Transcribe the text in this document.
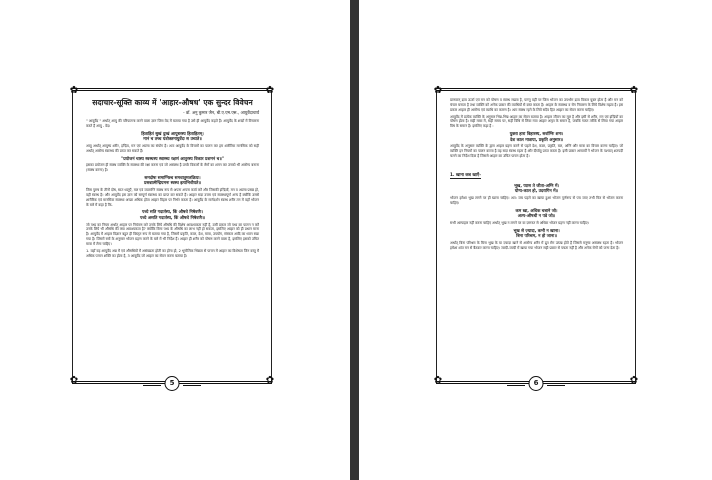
✿	✿
✿	✿
सदाचार-सूक्ति काव्य में 'आहार-औषध' एक सुन्दर विवेचन
- डॉ. अनु कुमार जैन, बी.ए.एम.एस., आयुर्वेदाचार्य

" आयुर्वेद " अर्थात् आयु की परिपालना करने वाला ज्ञान जिस वेद में बताया गया है उसे ही आयुर्वेद कहते हैं। आयुर्वेद के शब्दों में विचारना करते हैं आयु - वेद।

हिताहितं सुखं दुःखं आयुस्तस्य हिताहितम्।
मानं च तच्च यत्रोक्तमायुर्वेदः स उच्यते॥

आयु अर्थात् आयुष्य शरीर, इन्द्रिय, मन एवं आत्मा का संयोग है। अतः आयुर्वेद के विचारों का पालन कर हम शारीरिक मानसिक को सही अर्थात् आरोग्य स्वास्थ्य की प्राप्त कर सकते हैं।

"प्रयोजनं चास्य स्वस्थस्य स्वास्थ्य रक्षणं आतुरस्य विकार प्रशमनं च॥"

इसका प्रयोजन ही स्वस्थ व्यक्ति के स्वास्थ्य की रक्षा करना एवं जो अस्वस्थ है उनके विकारों के रोगों का शमन कर उनको भी आरोग्य बनाना (स्वस्थ करना) है।

समदोषः समाग्निश्च समधातुमलक्रियः।
प्रसन्नात्मेन्द्रियमनः स्वस्थ इत्यभिधीयते॥

जिस पुरुष के तीनों दोष, सात धातुएँ, मल एवं जठराग्नि स्वस्थ रूप से अपना अपना कार्य करें और जिसकी इन्द्रियाँ, मन व आत्मा प्रसन्न हो, वही स्वस्थ है। और आयुर्वेद इस ज्ञान को सम्पूर्ण स्वास्थ्य का प्राप्त कर सकते हैं। आहार सदा उत्तम एवं स्वास्थ्यपूर्ण अन्य है क्योंकि उससे शारीरिक एवं मानसिक स्वास्थ्य अच्छा अधिक होता आहार विहार पर निर्भर करता है। आयुर्वेद के मार्गदर्शन स्वस्थ शरीर तन में वहाँ भोजन के बारे में कहा है कि-

पथ्ये सति गदार्तस्य, किं औषधे निषेवणैः।
पथ्ये असति गदार्तस्य, किं औषधे निषेवणैः॥

जो पथ्य का नियम अर्थात् आहार पर नियंत्रण करे उनके लिये औषधि की विशेष आवश्यकता नहीं है, उसी प्रकार जो पथ्य का पालन न करें उनके लिये भी औषधि की क्या आवश्यकता है? क्योंकि बिना पथ्य के औषधि का लाभ नहीं हो सकता, इसलिए आहार को ही प्रधान माना है। आयुर्वेद में आहार विज्ञान बहुत ही विस्तृत रूप से बताया गया है, जिसमें प्रकृति, काल, देश, मात्रा, उपयोग, संस्कार आदि का ध्यान रखा गया है। जिसमें रसों के अनुसार भोजन ग्रहण करने के बारे में भी निर्देश हैं। आहार ही शरीर को पोषण करने वाला है, इसलिए इसको उचित मात्रा में लेना चाहिए।

1. यहाँ यह आयुर्वेद अन्न में एवं औषधियों में असंख्यता होती का होना हो, 2 भूगोलिक भिन्नता से पाचन में आहार का विशेषता जिन वस्तु में अधिक पाचन शक्ति का होता है, 3 आयुर्वेद जो आहार का सेवन करना बताया है।

5
✿	✿
✿	✿

प्राणवान् द्रव्य ऊर्जा एवं मन को पोषण व स्वस्थ रखता है, परन्तु वहीं पर जिस भोजन का उपभोग द्रव्य विकार युक्त होता है और मन को चंचल बनाता है तथा व्यक्ति को अनेक प्रकार की व्याधियों से ग्रस्त करता है। आहार के स्वास्थ्य व रोग निवारण के लिये विशेष महत्व है। इस प्रकार आहार ही आरोग्य एवं व्याधि का कारण है। अतः स्वस्थ रहने के लिये सदैव हित आहार का सेवन करना चाहिए।

आयुर्वेद में प्रत्येक व्यक्ति के अनुसार भिन्न-भिन्न आहार का सेवन बताया है। आहार जीवन का मूल है और इसी से शरीर, मन एवं इन्द्रियों का पोषण होता है। सही मात्रा में, सही समय पर, सही विधि से लिया गया आहार अमृत के समान है, जबकि गलत तरीके से लिया गया आहार विष के समान है। इसलिए कहा है :

युक्ता हारा विहारस्य, सर्वाग्निः शमः।
देश काल मात्राया, प्रकृति अनुसार॥

आयुर्वेद के अनुसार व्यक्ति के द्वारा आहार ग्रहण करने से पहले देश, काल, प्रकृति, बल, अग्नि और मात्रा का विचार करना चाहिए। जो व्यक्ति इन नियमों का पालन करता है वह सदा स्वस्थ रहता है और दीर्घायु प्राप्त करता है। इसी प्रकार आचार्यों ने भोजन के पश्चात् शतपदी चलने का निर्देश दिया है जिससे आहार का उचित पाचन होता है।

1. खाना कब खाएँ-
भूख, प्यास ते जीता-अग्नि में।
योग्य-काल हो, उदरागिन में॥

भोजन हमेशा भूख लगने पर ही खाना चाहिए। अत: जब पहले का खाया हुआ भोजन पूर्णरूप से पच जाए तभी फिर से भोजन करना चाहिए।

कम खा, अधिक चबाने जो।
अल्प-औषधी न पडे जो॥

सभी अल्पाहार नहीं करना चाहिए अर्थात् भूख न लगने पर या ज़रूरत से अधिक भोजन ग्रहण नहीं करना चाहिए।

भूख से ज़्यादा, कभी न खाना।
बिना परिश्रम, न हो जाना॥

अर्थात् बिना परिश्रम के बिना भूख के या ज़्यादा खाने से आरोग्य शरीर में द्रुत रोग उत्पन्न होते हैं जिससे मनुष्य अस्वस्थ रहता है। भोजन हमेशा शांत मन से बैठकर करना चाहिए। जल्दी-जल्दी में खाया गया भोजन सही प्रकार से पचता नहीं है और अनेक रोगों को जन्म देता है।

6
